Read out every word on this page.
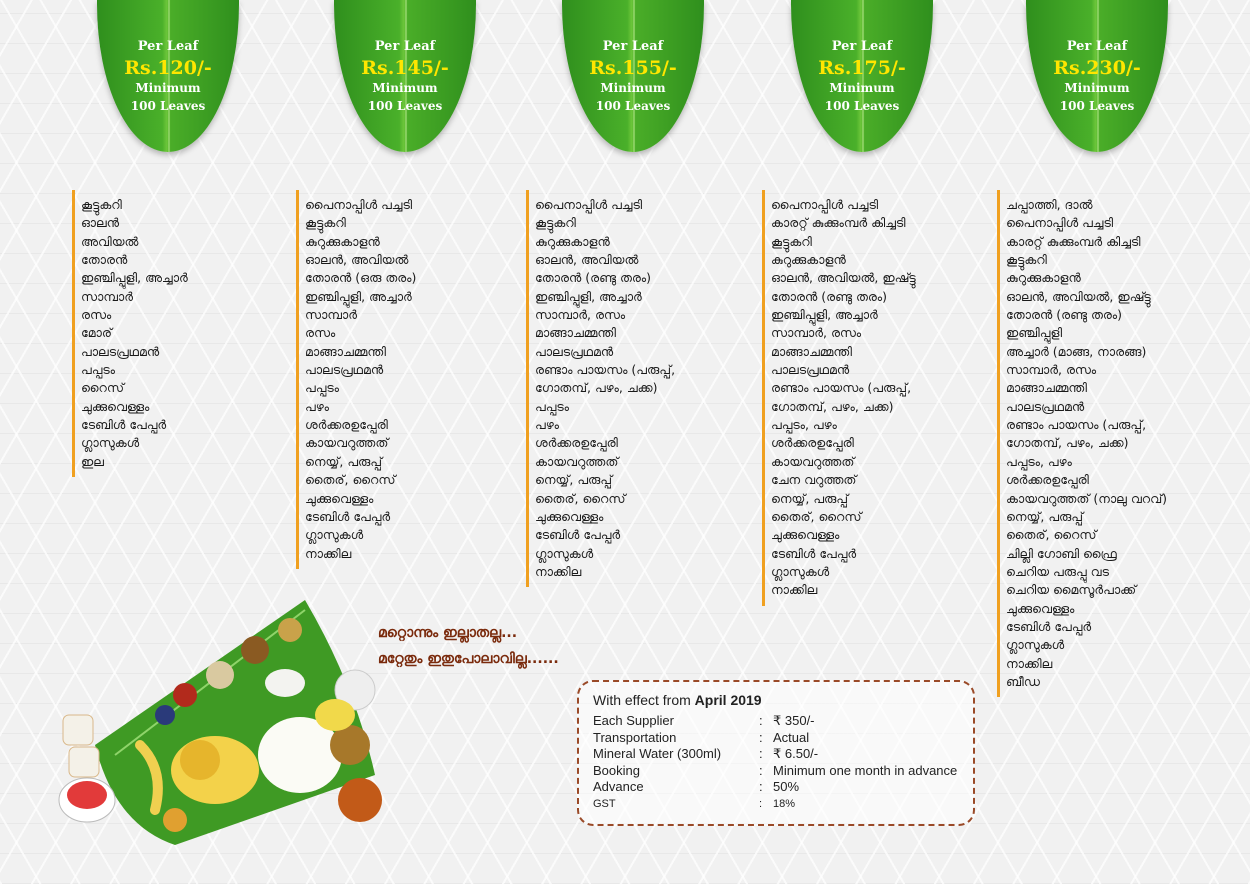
Per Leaf
Rs.120/-
Minimum
100 Leaves
Per Leaf
Rs.145/-
Minimum
100 Leaves
Per Leaf
Rs.155/-
Minimum
100 Leaves
Per Leaf
Rs.175/-
Minimum
100 Leaves
Per Leaf
Rs.230/-
Minimum
100 Leaves
കൂട്ടുകറി
ഓലൻ
അവിയൽ
തോരൻ
ഇഞ്ചിപ്പുളി, അച്ചാർ
സാമ്പാർ
രസം
മോര്
പാലടപ്രഥമൻ
പപ്പടം
റൈസ്
ചുക്കുവെള്ളം
ടേബിൾ പേപ്പർ
ഗ്ലാസുകൾ
ഇല
പൈനാപ്പിൾ പച്ചടി
കൂട്ടുകറി
കുറുക്കുകാളൻ
ഓലൻ, അവിയൽ
തോരൻ (ഒരു തരം)
ഇഞ്ചിപ്പുളി, അച്ചാർ
സാമ്പാർ
രസം
മാങ്ങാചമ്മന്തി
പാലടപ്രഥമൻ
പപ്പടം
പഴം
ശർക്കരഉപ്പേരി
കായവറുത്തത്
നെയ്യ്, പരുപ്പ്
തൈര്, റൈസ്
ചുക്കുവെള്ളം
ടേബിൾ പേപ്പർ
ഗ്ലാസുകൾ
നാക്കില
പൈനാപ്പിൾ പച്ചടി
കൂട്ടുകറി
കുറുക്കുകാളൻ
ഓലൻ, അവിയൽ
തോരൻ (രണ്ടു തരം)
ഇഞ്ചിപ്പുളി, അച്ചാർ
സാമ്പാർ, രസം
മാങ്ങാചമ്മന്തി
പാലടപ്രഥമൻ
രണ്ടാം പായസം (പരുപ്പ്,
ഗോതമ്പ്, പഴം, ചക്ക)
പപ്പടം
പഴം
ശർക്കരഉപ്പേരി
കായവറുത്തത്
നെയ്യ്, പരുപ്പ്
തൈര്, റൈസ്
ചുക്കുവെള്ളം
ടേബിൾ പേപ്പർ
ഗ്ലാസുകൾ
നാക്കില
പൈനാപ്പിൾ പച്ചടി
കാരറ്റ് കുക്കുംമ്പർ കിച്ചടി
കൂട്ടുകറി
കുറുക്കുകാളൻ
ഓലൻ, അവിയൽ, ഇഷ്ട്ടു
തോരൻ (രണ്ടു തരം)
ഇഞ്ചിപ്പുളി, അച്ചാർ
സാമ്പാർ, രസം
മാങ്ങാചമ്മന്തി
പാലടപ്രഥമൻ
രണ്ടാം പായസം (പരുപ്പ്,
ഗോതമ്പ്, പഴം, ചക്ക)
പപ്പടം, പഴം
ശർക്കരഉപ്പേരി
കായവറുത്തത്
ചേന വറുത്തത്
നെയ്യ്, പരുപ്പ്
തൈര്, റൈസ്
ചുക്കുവെള്ളം
ടേബിൾ പേപ്പർ
ഗ്ലാസുകൾ
നാക്കില
ചപ്പാത്തി, ദാൽ
പൈനാപ്പിൾ പച്ചടി
കാരറ്റ് കുക്കുംമ്പർ കിച്ചടി
കൂട്ടുകറി
കുറുക്കുകാളൻ
ഓലൻ, അവിയൽ, ഇഷ്ട്ടു
തോരൻ (രണ്ടു തരം)
ഇഞ്ചിപ്പുളി
അച്ചാർ (മാങ്ങ, നാരങ്ങ)
സാമ്പാർ, രസം
മാങ്ങാചമ്മന്തി
പാലടപ്രഥമൻ
രണ്ടാം പായസം (പരുപ്പ്,
ഗോതമ്പ്, പഴം, ചക്ക)
പപ്പടം, പഴം
ശർക്കരഉപ്പേരി
കായവറുത്തത് (നാലു വറവ്)
നെയ്യ്, പരുപ്പ്
തൈര്, റൈസ്
ചില്ലി ഗോബി ഫ്രൈ
ചെറിയ പരുപ്പു വട
ചെറിയ മൈസൂർപാക്ക്
ചുക്കുവെള്ളം
ടേബിൾ പേപ്പർ
ഗ്ലാസുകൾ
നാക്കില
ബീഡ
മറ്റൊന്നും ഇല്ലാതല്ല...
മറ്റേതും ഇതുപോലാവില്ല......
With effect from April 2019
Each Supplier	: ₹ 350/-
Transportation	: Actual
Mineral Water (300ml)	: ₹ 6.50/-
Booking	: Minimum one month in advance
Advance	: 50%
GST	: 18%
